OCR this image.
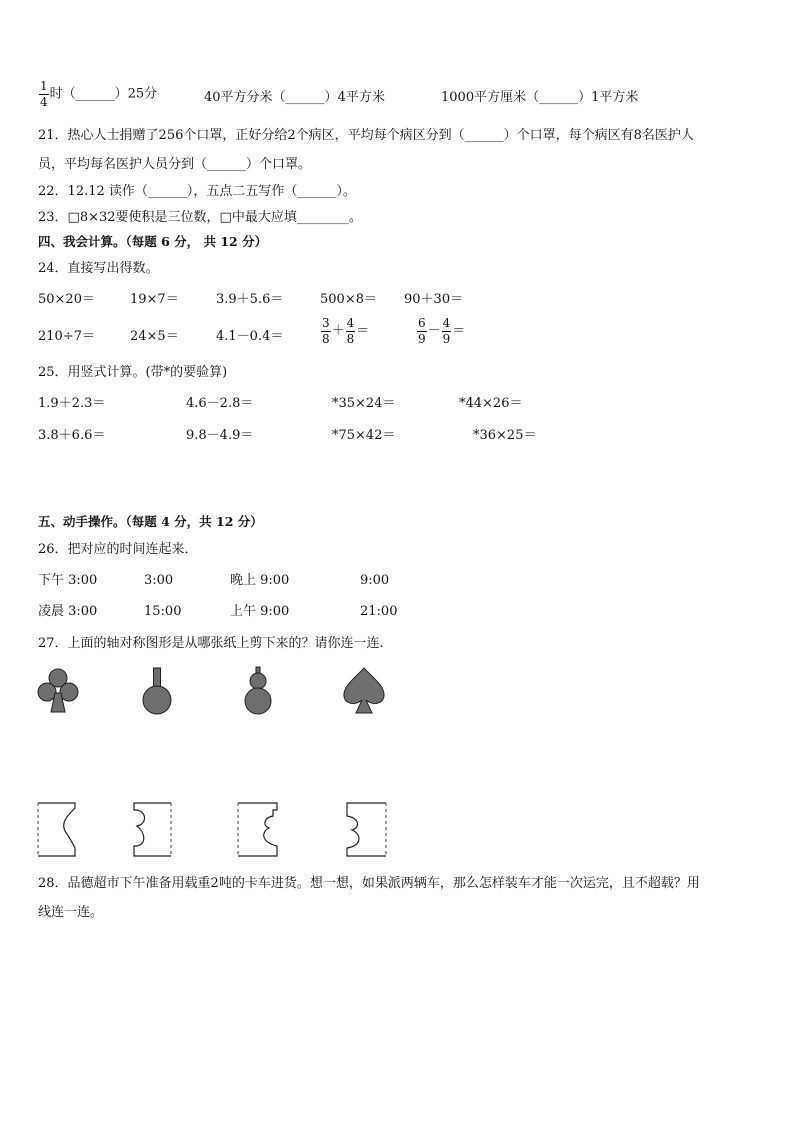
$\frac{1}{4}$ 时（______）25分	40平方分米（______）4平方米	1000平方厘米（______）1平方米
21．热心人士捐赠了256个口罩，正好分给2个病区，平均每个病区分到（______）个口罩，每个病区有8名医护人
员，平均每名医护人员分到（______）个口罩。
22．12.12 读作（______），五点二五写作（______）。
23．□8×32要使积是三位数，□中最大应填________。
四、我会计算。（每题 6 分， 共 12 分）
24．直接写出得数。
50×20＝	19×7＝	3.9＋5.6＝	500×8＝ 90＋30＝
210÷7＝	24×5＝	4.1－0.4＝	$\frac{3}{8} + \frac{4}{8}$ ＝	$\frac{6}{9} - \frac{4}{9}$ ＝
25．用竖式计算。(带*的要验算)
1.9＋2.3＝	4.6－2.8＝	*35×24＝	*44×26＝
3.8＋6.6＝	9.8－4.9＝	*75×42＝	*36×25＝
五、动手操作。（每题 4 分，共 12 分）
26．把对应的时间连起来．
下午 3:00	3:00	晚上 9:00	9:00
凌晨 3:00	15:00	上午 9:00	21:00
27．上面的轴对称图形是从哪张纸上剪下来的？请你连一连.
28．品德超市下午准备用载重2吨的卡车进货。想一想，如果派两辆车，那么怎样装车才能一次运完，且不超载？用
线连一连。
